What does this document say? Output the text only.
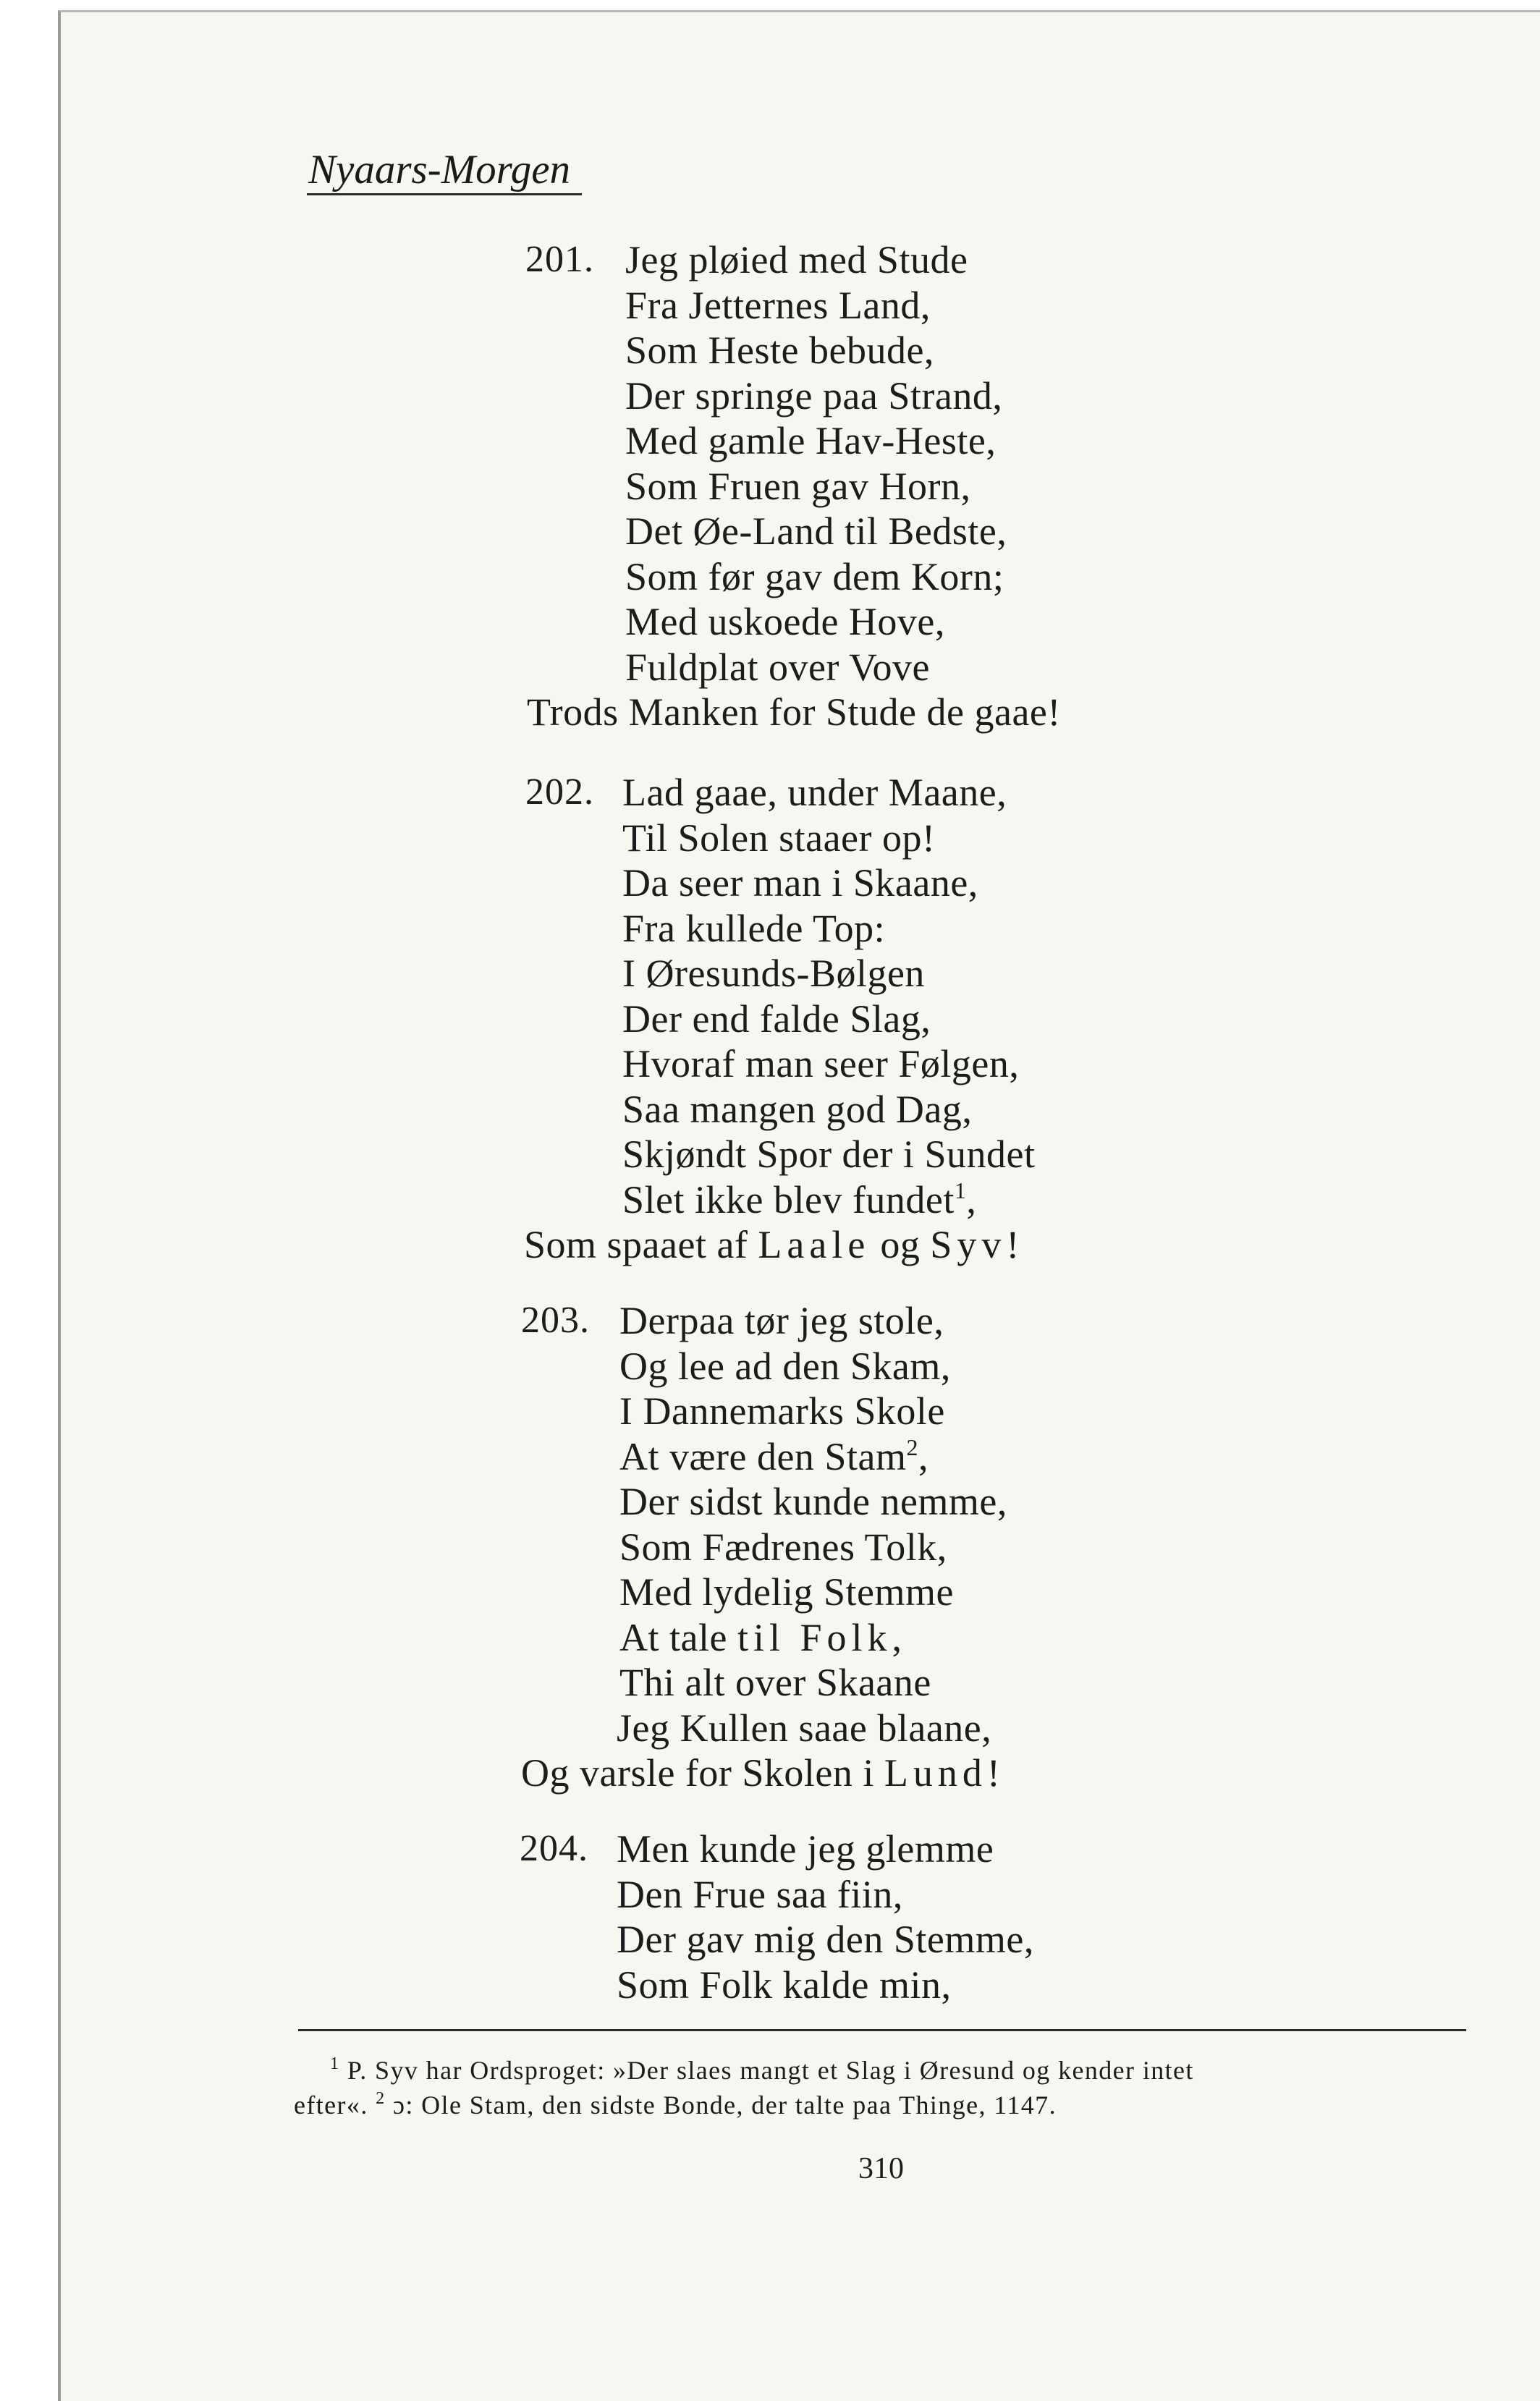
Nyaars-Morgen
201. Jeg pløied med Stude
Fra Jetternes Land,
Som Heste bebude,
Der springe paa Strand,
Med gamle Hav-Heste,
Som Fruen gav Horn,
Det Øe-Land til Bedste,
Som før gav dem Korn;
Med uskoede Hove,
Fuldplat over Vove
Trods Manken for Stude de gaae!
202. Lad gaae, under Maane,
Til Solen staaer op!
Da seer man i Skaane,
Fra kullede Top:
I Øresunds-Bølgen
Der end falde Slag,
Hvoraf man seer Følgen,
Saa mangen god Dag,
Skjøndt Spor der i Sundet
Slet ikke blev fundet$^1$,
Som spaaet af Laale og Syv!
203. Derpaa tør jeg stole,
Og lee ad den Skam,
I Dannemarks Skole
At være den Stam$^2$,
Der sidst kunde nemme,
Som Fædrenes Tolk,
Med lydelig Stemme
At tale til Folk,
Thi alt over Skaane
Jeg Kullen saae blaane,
Og varsle for Skolen i Lund!
204. Men kunde jeg glemme
Den Frue saa fiin,
Der gav mig den Stemme,
Som Folk kalde min,
$^1$ P. Syv har Ordsproget: »Der slaes mangt et Slag i Øresund og kender intet
efter«. $^2$ ɔ: Ole Stam, den sidste Bonde, der talte paa Thinge, 1147.
310
